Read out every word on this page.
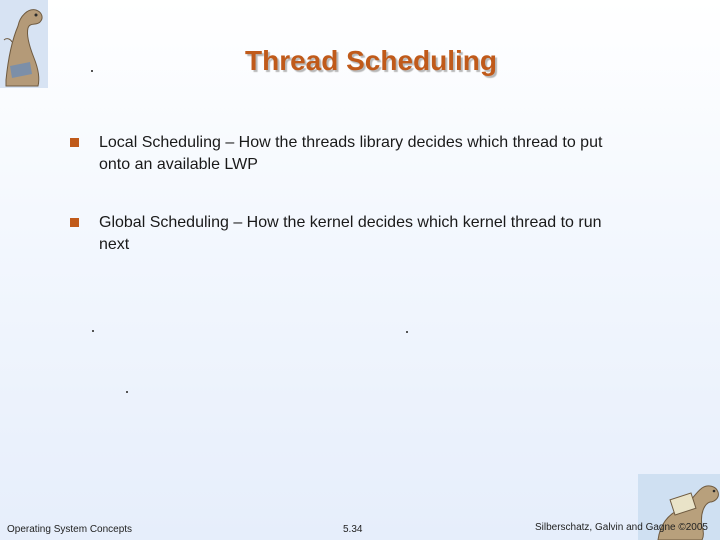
Thread Scheduling
Local Scheduling – How the threads library decides which thread to put onto an available LWP
Global Scheduling – How the kernel decides which kernel thread to run next
Operating System Concepts	5.34	Silberschatz, Galvin and Gagne ©2005
